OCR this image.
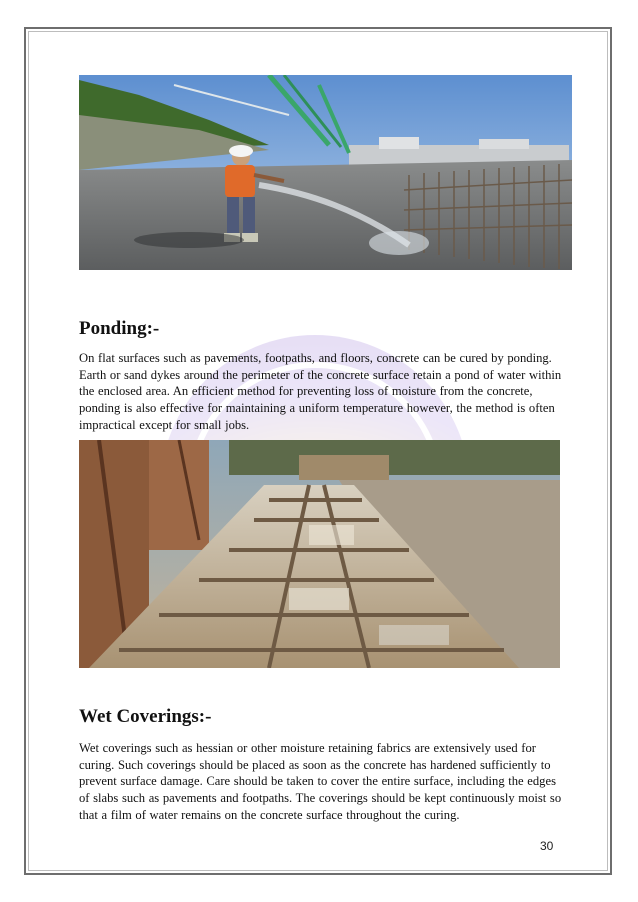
Ponding:-

On flat surfaces such as pavements, footpaths, and floors, concrete can be cured by ponding. Earth or sand dykes around the perimeter of the concrete surface retain a pond of water within the enclosed area. An efficient method for preventing loss of moisture from the concrete, ponding is also effective for maintaining a uniform temperature however, the method is often impractical except for small jobs.

Wet Coverings:-

Wet coverings such as hessian or other moisture retaining fabrics are extensively used for curing. Such coverings should be placed as soon as the concrete has hardened sufficiently to prevent surface damage. Care should be taken to cover the entire surface, including the edges of slabs such as pavements and footpaths. The coverings should be kept continuously moist so that a film of water remains on the concrete surface throughout the curing.

30
